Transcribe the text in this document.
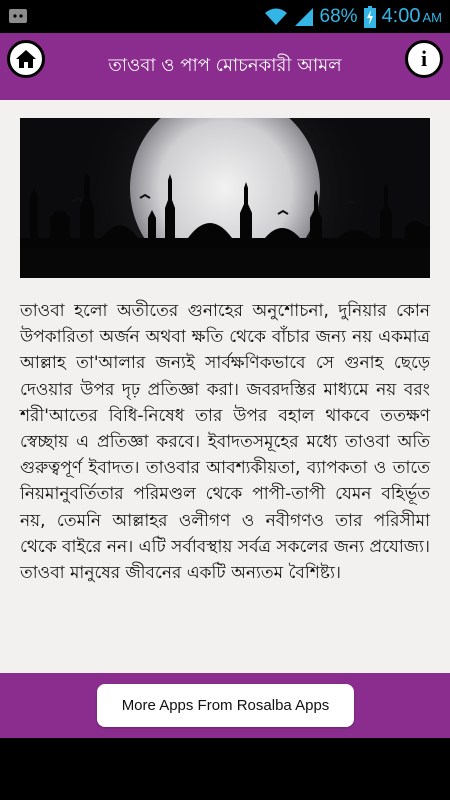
68% 4:00 AM
তাওবা ও পাপ মোচনকারী আমল	i

তাওবা হলো অতীতের গুনাহের অনুশোচনা, দুনিয়ার কোন উপকারিতা অর্জন অথবা ক্ষতি থেকে বাঁচার জন্য নয় একমাত্র আল্লাহ তা'আলার জন্যই সার্বক্ষণিকভাবে সে গুনাহ ছেড়ে দেওয়ার উপর দৃঢ় প্রতিজ্ঞা করা। জবরদস্তির মাধ্যমে নয় বরং শরী'আতের বিধি-নিষেধ তার উপর বহাল থাকবে ততক্ষণ স্বেচ্ছায় এ প্রতিজ্ঞা করবে। ইবাদতসমূহের মধ্যে তাওবা অতি গুরুত্বপূর্ণ ইবাদত। তাওবার আবশ্যকীয়তা, ব্যাপকতা ও তাতে নিয়মানুবর্তিতার পরিমণ্ডল থেকে পাপী-তাপী যেমন বহির্ভূত নয়, তেমনি আল্লাহর ওলীগণ ও নবীগণও তার পরিসীমা থেকে বাইরে নন। এটি সর্বাবস্থায় সর্বত্র সকলের জন্য প্রযোজ্য। তাওবা মানুষের জীবনের একটি অন্যতম বৈশিষ্ট্য।

More Apps From Rosalba Apps
